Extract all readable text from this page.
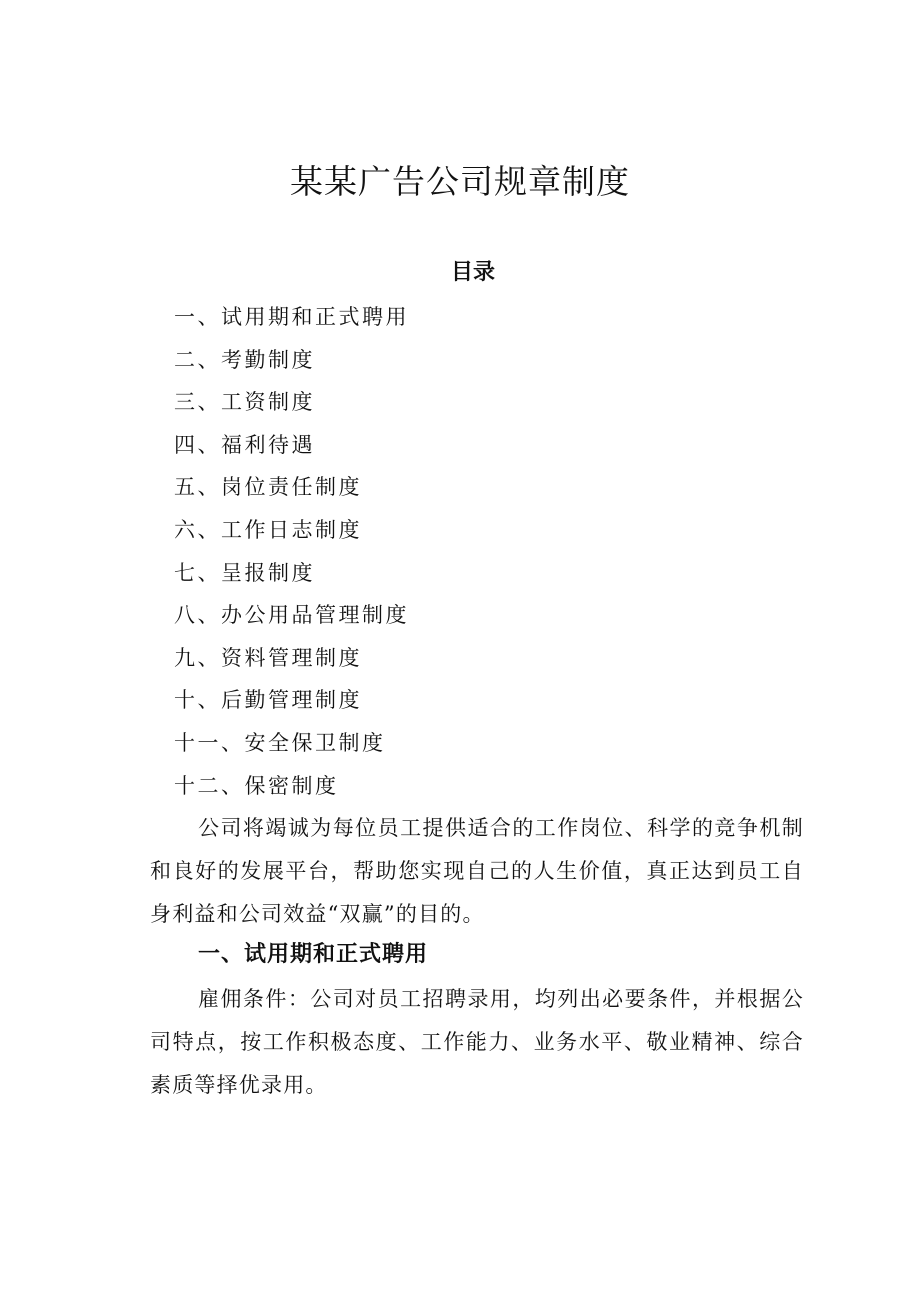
某某广告公司规章制度
目录
一、试用期和正式聘用
二、考勤制度
三、工资制度
四、福利待遇
五、岗位责任制度
六、工作日志制度
七、呈报制度
八、办公用品管理制度
九、资料管理制度
十、后勤管理制度
十一、安全保卫制度
十二、保密制度

公司将竭诚为每位员工提供适合的工作岗位、科学的竞争机制和良好的发展平台，帮助您实现自己的人生价值，真正达到员工自身利益和公司效益“双赢”的目的。

一、试用期和正式聘用

雇佣条件：公司对员工招聘录用，均列出必要条件，并根据公司特点，按工作积极态度、工作能力、业务水平、敬业精神、综合素质等择优录用。
